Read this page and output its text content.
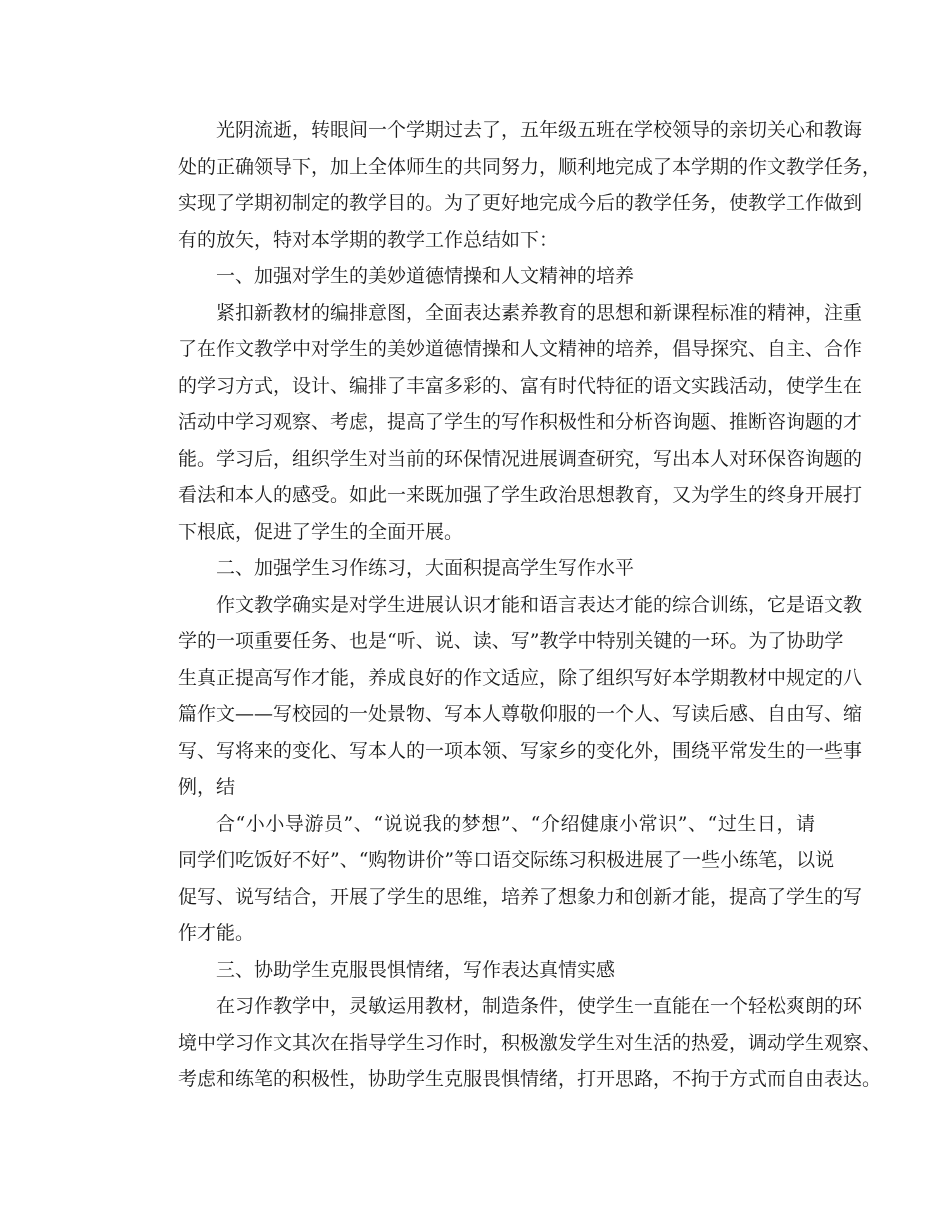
光阴流逝，转眼间一个学期过去了，五年级五班在学校领导的亲切关心和教诲
处的正确领导下，加上全体师生的共同努力，顺利地完成了本学期的作文教学任务，
实现了学期初制定的教学目的。为了更好地完成今后的教学任务，使教学工作做到
有的放矢，特对本学期的教学工作总结如下：
一、加强对学生的美妙道德情操和人文精神的培养
紧扣新教材的编排意图，全面表达素养教育的思想和新课程标准的精神，注重
了在作文教学中对学生的美妙道德情操和人文精神的培养，倡导探究、自主、合作
的学习方式，设计、编排了丰富多彩的、富有时代特征的语文实践活动，使学生在
活动中学习观察、考虑，提高了学生的写作积极性和分析咨询题、推断咨询题的才
能。学习后，组织学生对当前的环保情况进展调查研究，写出本人对环保咨询题的
看法和本人的感受。如此一来既加强了学生政治思想教育，又为学生的终身开展打
下根底，促进了学生的全面开展。
二、加强学生习作练习，大面积提高学生写作水平
作文教学确实是对学生进展认识才能和语言表达才能的综合训练，它是语文教
学的一项重要任务、也是“听、说、读、写”教学中特别关键的一环。为了协助学
生真正提高写作才能，养成良好的作文适应，除了组织写好本学期教材中规定的八
篇作文——写校园的一处景物、写本人尊敬仰服的一个人、写读后感、自由写、缩
写、写将来的变化、写本人的一项本领、写家乡的变化外，围绕平常发生的一些事
例，结
合“小小导游员”、“说说我的梦想”、“介绍健康小常识”、“过生日，请
同学们吃饭好不好”、“购物讲价”等口语交际练习积极进展了一些小练笔，以说
促写、说写结合，开展了学生的思维，培养了想象力和创新才能，提高了学生的写
作才能。
三、协助学生克服畏惧情绪，写作表达真情实感
在习作教学中，灵敏运用教材，制造条件，使学生一直能在一个轻松爽朗的环
境中学习作文其次在指导学生习作时，积极激发学生对生活的热爱，调动学生观察、
考虑和练笔的积极性，协助学生克服畏惧情绪，打开思路，不拘于方式而自由表达。
